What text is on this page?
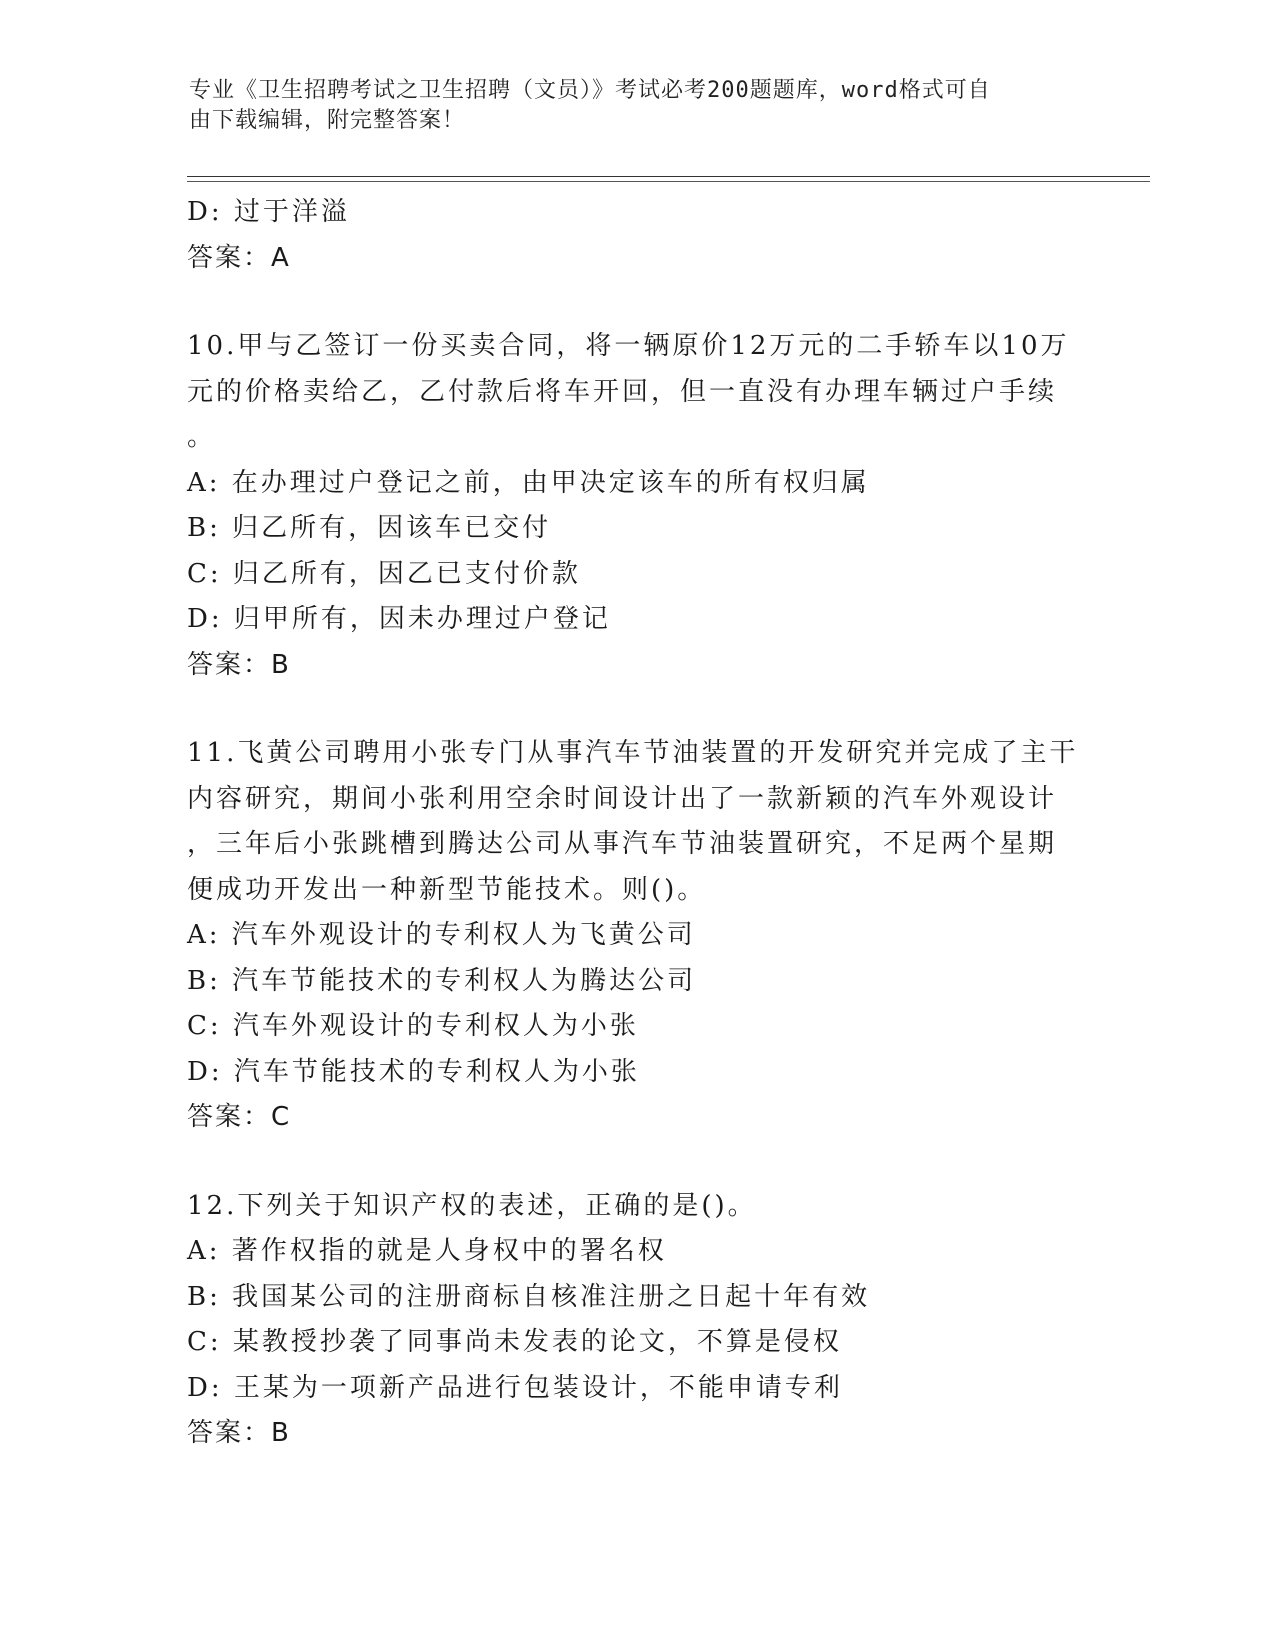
专业《卫生招聘考试之卫生招聘（文员）》考试必考200题题库，word格式可自
由下载编辑，附完整答案！
D: 过于洋溢
答案：A
10.甲与乙签订一份买卖合同，将一辆原价12万元的二手轿车以10万
元的价格卖给乙，乙付款后将车开回，但一直没有办理车辆过户手续
。
A: 在办理过户登记之前，由甲决定该车的所有权归属
B: 归乙所有，因该车已交付
C: 归乙所有，因乙已支付价款
D: 归甲所有，因未办理过户登记
答案：B
11.飞黄公司聘用小张专门从事汽车节油装置的开发研究并完成了主干
内容研究，期间小张利用空余时间设计出了一款新颖的汽车外观设计
，三年后小张跳槽到腾达公司从事汽车节油装置研究，不足两个星期
便成功开发出一种新型节能技术。则()。
A: 汽车外观设计的专利权人为飞黄公司
B: 汽车节能技术的专利权人为腾达公司
C: 汽车外观设计的专利权人为小张
D: 汽车节能技术的专利权人为小张
答案：C
12.下列关于知识产权的表述，正确的是()。
A: 著作权指的就是人身权中的署名权
B: 我国某公司的注册商标自核准注册之日起十年有效
C: 某教授抄袭了同事尚未发表的论文，不算是侵权
D: 王某为一项新产品进行包装设计，不能申请专利
答案：B
